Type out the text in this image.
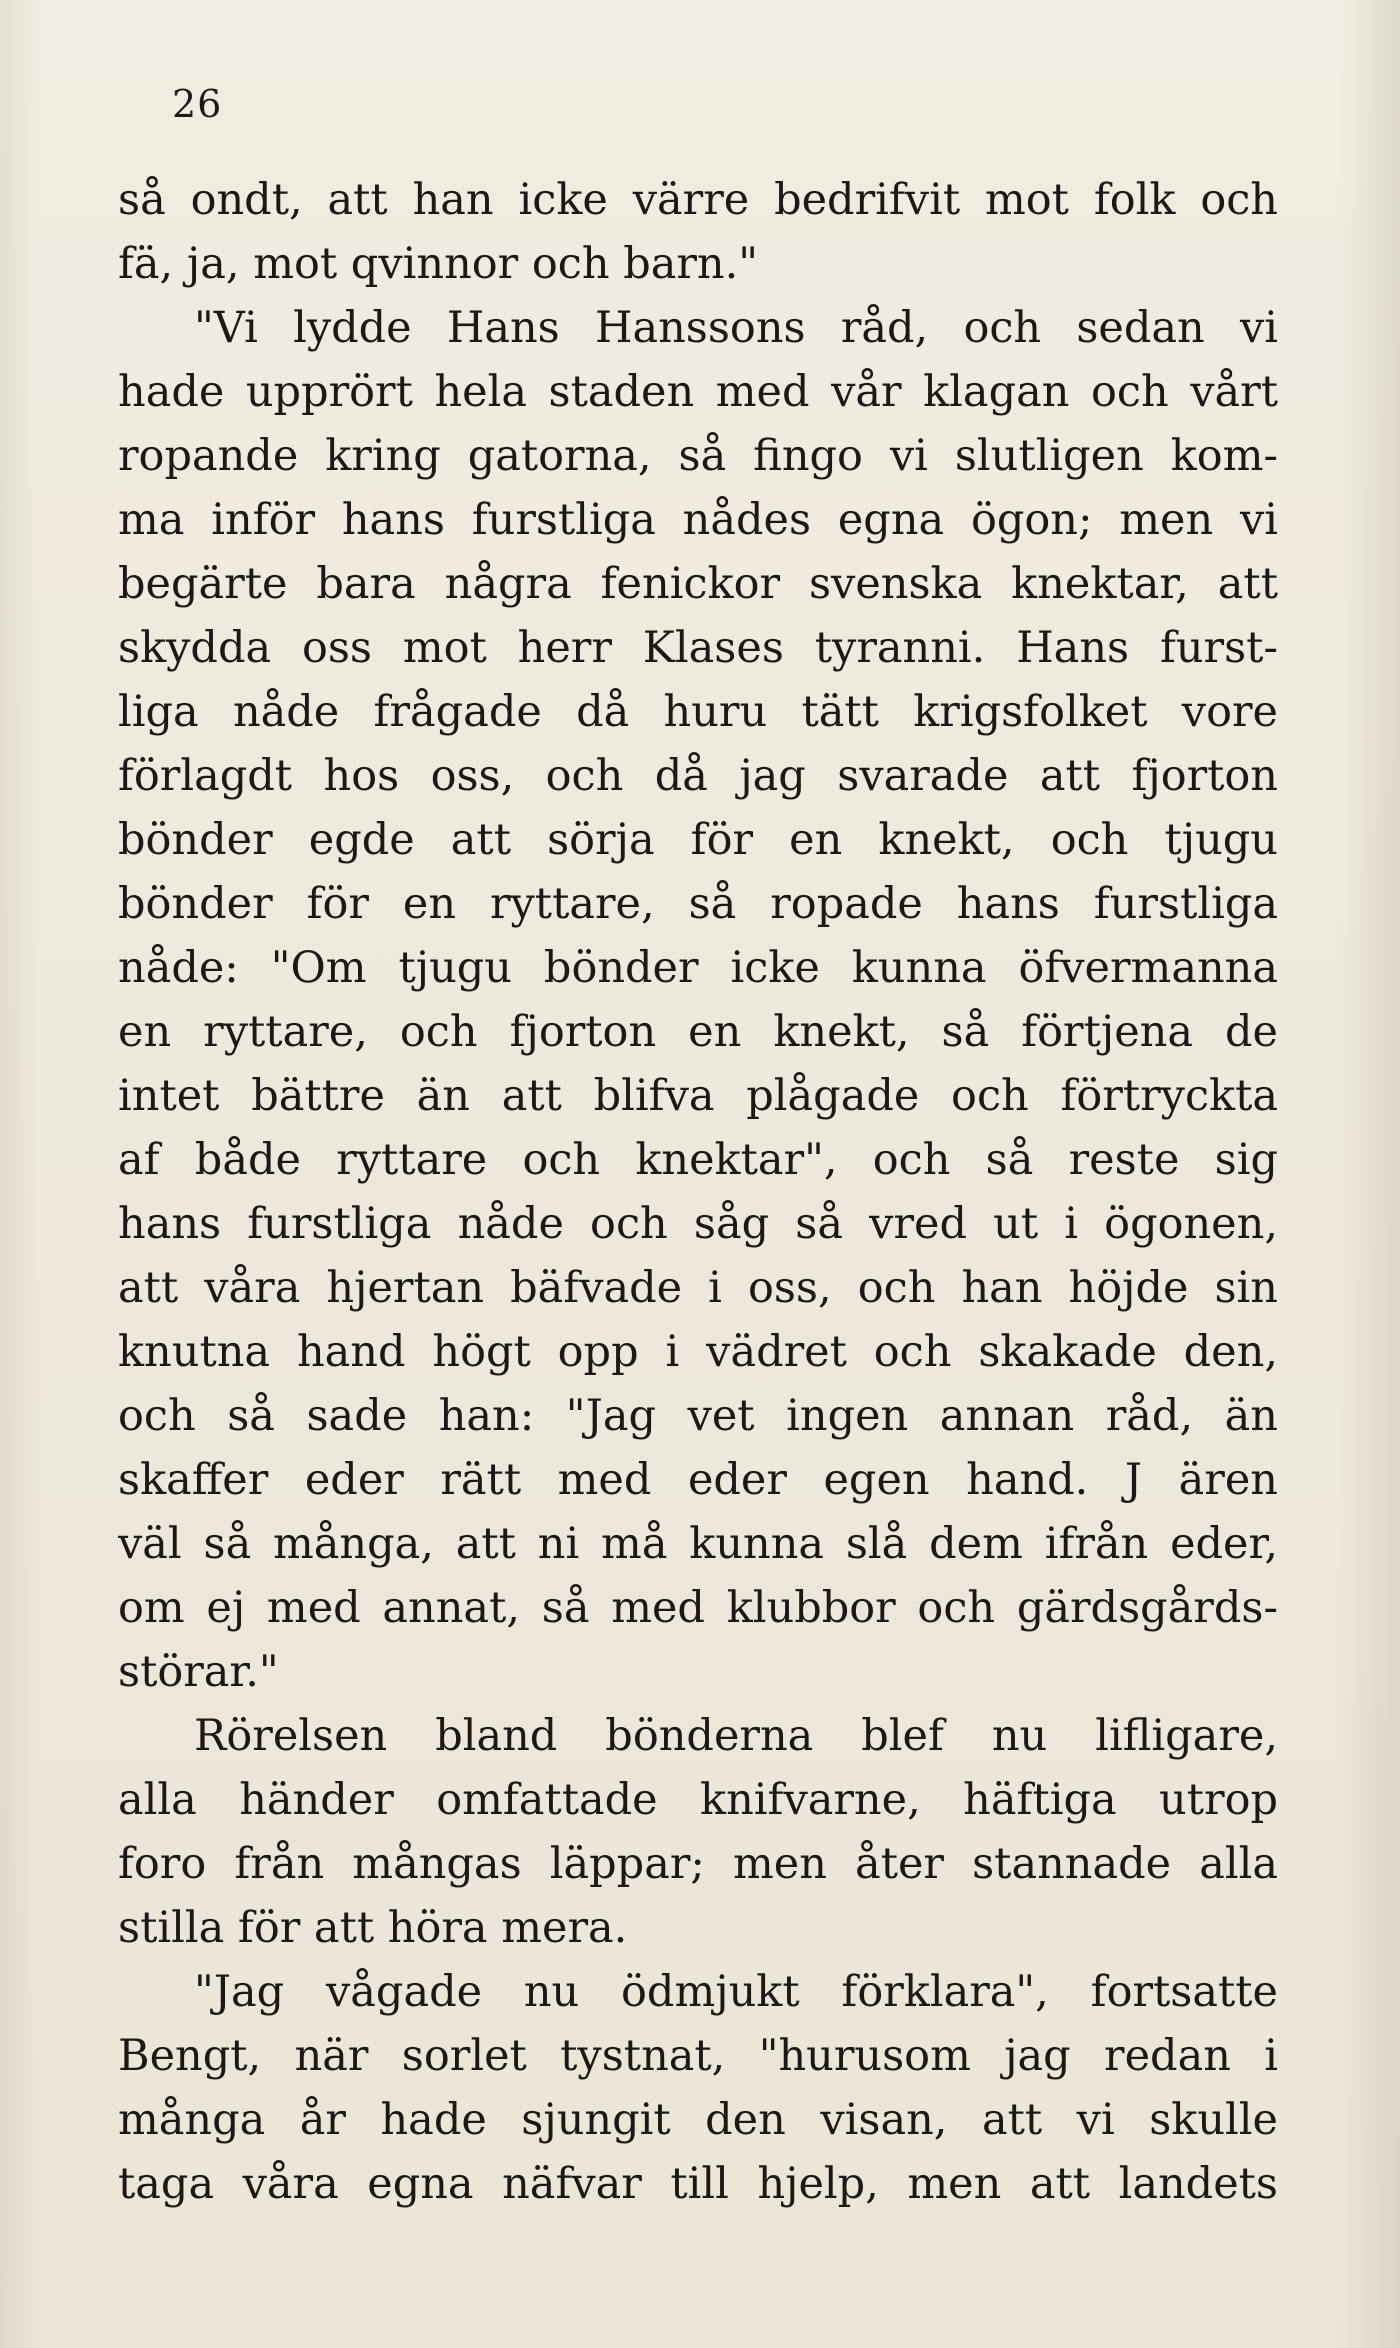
26
så ondt, att han icke värre bedrifvit mot folk och
fä, ja, mot qvinnor och barn."
"Vi lydde Hans Hanssons råd, och sedan vi
hade upprört hela staden med vår klagan och vårt
ropande kring gatorna, så fingo vi slutligen kom-
ma inför hans furstliga nådes egna ögon; men vi
begärte bara några fenickor svenska knektar, att
skydda oss mot herr Klases tyranni. Hans furst-
liga nåde frågade då huru tätt krigsfolket vore
förlagdt hos oss, och då jag svarade att fjorton
bönder egde att sörja för en knekt, och tjugu
bönder för en ryttare, så ropade hans furstliga
nåde: "Om tjugu bönder icke kunna öfvermanna
en ryttare, och fjorton en knekt, så förtjena de
intet bättre än att blifva plågade och förtryckta
af både ryttare och knektar", och så reste sig
hans furstliga nåde och såg så vred ut i ögonen,
att våra hjertan bäfvade i oss, och han höjde sin
knutna hand högt opp i vädret och skakade den,
och så sade han: "Jag vet ingen annan råd, än
skaffer eder rätt med eder egen hand. J ären
väl så många, att ni må kunna slå dem ifrån eder,
om ej med annat, så med klubbor och gärdsgårds-
störar."
Rörelsen bland bönderna blef nu lifligare,
alla händer omfattade knifvarne, häftiga utrop
foro från mångas läppar; men åter stannade alla
stilla för att höra mera.
"Jag vågade nu ödmjukt förklara", fortsatte
Bengt, när sorlet tystnat, "hurusom jag redan i
många år hade sjungit den visan, att vi skulle
taga våra egna näfvar till hjelp, men att landets
